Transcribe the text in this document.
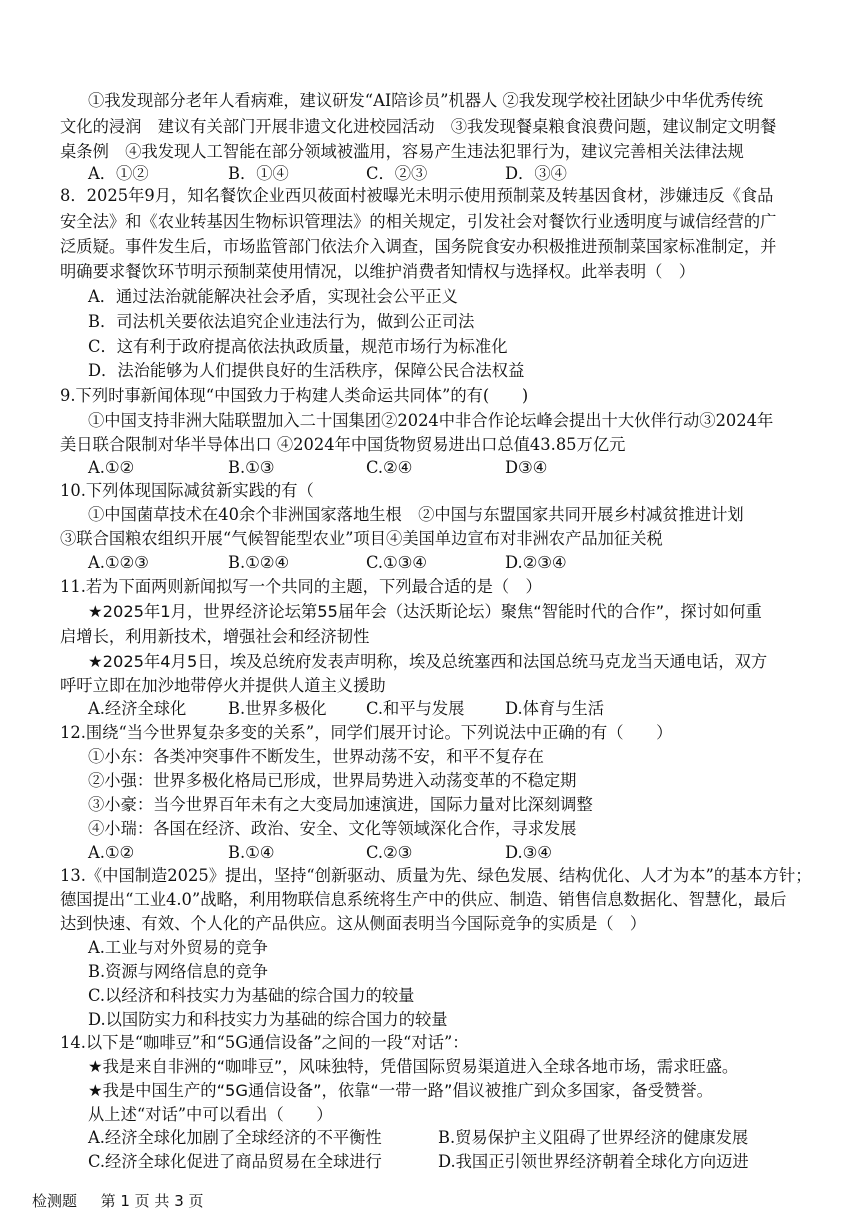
①我发现部分老年人看病难，建议研发“AI陪诊员”机器人 ②我发现学校社团缺少中华优秀传统
文化的浸润　建议有关部门开展非遗文化进校园活动　③我发现餐桌粮食浪费问题，建议制定文明餐
桌条例　④我发现人工智能在部分领域被滥用，容易产生违法犯罪行为，建议完善相关法律法规
A．①②	B．①④	C．②③	D．③④
8．2025年9月，知名餐饮企业西贝莜面村被曝光未明示使用预制菜及转基因食材，涉嫌违反《食品
安全法》和《农业转基因生物标识管理法》的相关规定，引发社会对餐饮行业透明度与诚信经营的广
泛质疑。事件发生后，市场监管部门依法介入调查，国务院食安办积极推进预制菜国家标准制定，并
明确要求餐饮环节明示预制菜使用情况，以维护消费者知情权与选择权。此举表明（　）
A．通过法治就能解决社会矛盾，实现社会公平正义
B．司法机关要依法追究企业违法行为，做到公正司法
C．这有利于政府提高依法执政质量，规范市场行为标准化
D．法治能够为人们提供良好的生活秩序，保障公民合法权益
9.下列时事新闻体现“中国致力于构建人类命运共同体”的有(　　)
①中国支持非洲大陆联盟加入二十国集团②2024中非合作论坛峰会提出十大伙伴行动③2024年
美日联合限制对华半导体出口 ④2024年中国货物贸易进出口总值43.85万亿元
A.①②	B.①③	C.②④	D③④
10.下列体现国际减贫新实践的有（
①中国菌草技术在40余个非洲国家落地生根　②中国与东盟国家共同开展乡村减贫推进计划
③联合国粮农组织开展“气候智能型农业”项目④美国单边宣布对非洲农产品加征关税
A.①②③	B.①②④	C.①③④	D.②③④
11.若为下面两则新闻拟写一个共同的主题，下列最合适的是（　）
★2025年1月，世界经济论坛第55届年会（达沃斯论坛）聚焦“智能时代的合作”，探讨如何重
启增长，利用新技术，增强社会和经济韧性
★2025年4月5日，埃及总统府发表声明称，埃及总统塞西和法国总统马克龙当天通电话，双方
呼吁立即在加沙地带停火并提供人道主义援助
A.经济全球化	B.世界多极化 C.和平与发展 D.体育与生活
12.围绕“当今世界复杂多变的关系”，同学们展开讨论。下列说法中正确的有（　　）
①小东：各类冲突事件不断发生，世界动荡不安，和平不复存在
②小强：世界多极化格局已形成，世界局势进入动荡变革的不稳定期
③小豪：当今世界百年未有之大变局加速演进，国际力量对比深刻调整
④小瑞：各国在经济、政治、安全、文化等领域深化合作，寻求发展
A.①②	B.①④	C.②③	D.③④
13.《中国制造2025》提出，坚持“创新驱动、质量为先、绿色发展、结构优化、人才为本”的基本方针；
德国提出“工业4.0”战略，利用物联信息系统将生产中的供应、制造、销售信息数据化、智慧化，最后
达到快速、有效、个人化的产品供应。这从侧面表明当今国际竞争的实质是（　）
A.工业与对外贸易的竞争
B.资源与网络信息的竞争
C.以经济和科技实力为基础的综合国力的较量
D.以国防实力和科技实力为基础的综合国力的较量
14.以下是“咖啡豆”和“5G通信设备”之间的一段“对话”：
★我是来自非洲的“咖啡豆”，风味独特，凭借国际贸易渠道进入全球各地市场，需求旺盛。
★我是中国生产的“5G通信设备”，依靠“一带一路”倡议被推广到众多国家，备受赞誉。
从上述“对话”中可以看出（　　）
A.经济全球化加剧了全球经济的不平衡性	B.贸易保护主义阻碍了世界经济的健康发展
C.经济全球化促进了商品贸易在全球进行	D.我国正引领世界经济朝着全球化方向迈进
检测题 第 1 页 共 3 页
